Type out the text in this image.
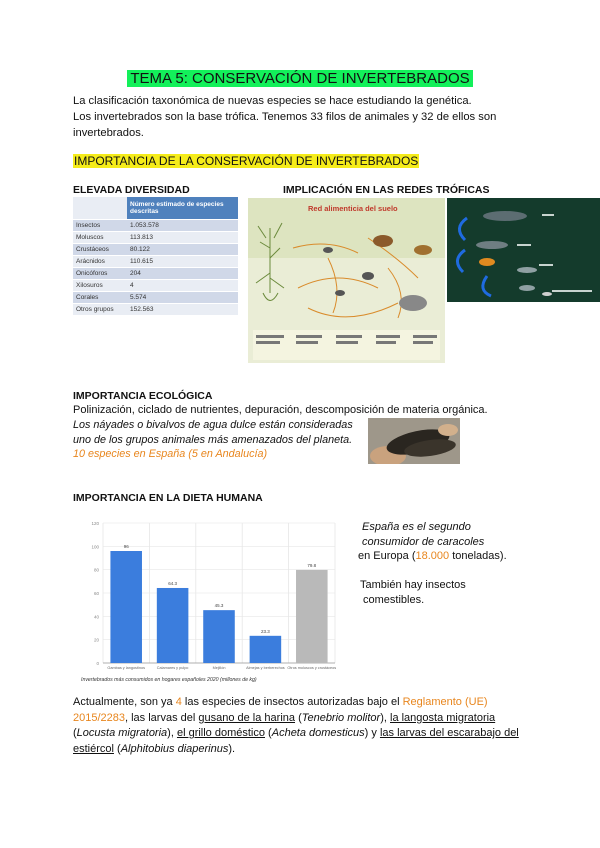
TEMA 5: CONSERVACIÓN DE INVERTEBRADOS
La clasificación taxonómica de nuevas especies se hace estudiando la genética.
Los invertebrados son la base trófica. Tenemos 33 filos de animales y 32 de ellos son invertebrados.
IMPORTANCIA DE LA CONSERVACIÓN DE INVERTEBRADOS
ELEVADA DIVERSIDAD
	Número estimado de especies descritas
Insectos	1.053.578
Moluscos	113.813
Crustáceos	80.122
Arácnidos	110.615
Onicóforos	204
Xilosuros	4
Corales	5.574
Otros grupos	152.563
IMPLICACIÓN EN LAS REDES TRÓFICAS
Red alimenticia del suelo
IMPORTANCIA ECOLÓGICA
Polinización, ciclado de nutrientes, depuración, descomposición de materia orgánica.
Los náyades o bivalvos de agua dulce están consideradas
uno de los grupos animales más amenazados del planeta.
10 especies en España (5 en Andalucía)
IMPORTANCIA EN LA DIETA HUMANA
0
20
40
60
80
100
120
96
Gambas y langostinos
64.3
Calamares y pulpo
45.3
Mejillón
23.3
Almejas y berberechos
79.8
Otros moluscos y crustáceos
Invertebrados más consumidos en hogares españoles 2020 (millones de kg)
España es el segundo
consumidor de caracoles
en Europa (18.000 toneladas).
También hay insectos
comestibles.
Actualmente, son ya 4 las especies de insectos autorizadas bajo el Reglamento (UE) 2015/2283, las larvas del gusano de la harina (Tenebrio molitor), la langosta migratoria (Locusta migratoria), el grillo doméstico (Acheta domesticus) y las larvas del escarabajo del estiércol (Alphitobius diaperinus).
